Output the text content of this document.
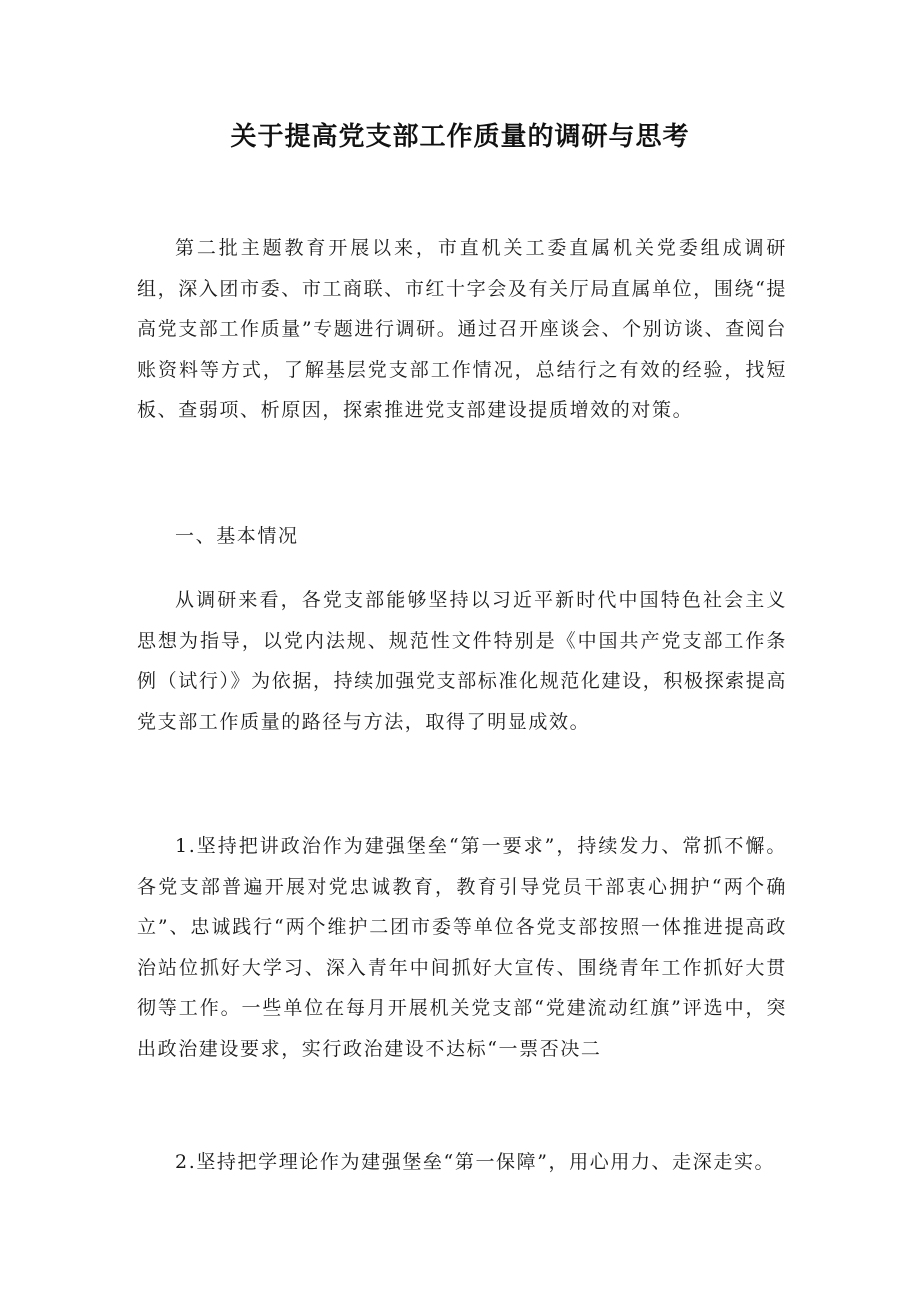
关于提高党支部工作质量的调研与思考

第二批主题教育开展以来，市直机关工委直属机关党委组成调研组，深入团市委、市工商联、市红十字会及有关厅局直属单位，围绕“提高党支部工作质量”专题进行调研。通过召开座谈会、个别访谈、查阅台账资料等方式，了解基层党支部工作情况，总结行之有效的经验，找短板、查弱项、析原因，探索推进党支部建设提质增效的对策。

一、基本情况

从调研来看，各党支部能够坚持以习近平新时代中国特色社会主义思想为指导，以党内法规、规范性文件特别是《中国共产党支部工作条例（试行）》为依据，持续加强党支部标准化规范化建设，积极探索提高党支部工作质量的路径与方法，取得了明显成效。

1.坚持把讲政治作为建强堡垒“第一要求”，持续发力、常抓不懈。各党支部普遍开展对党忠诚教育，教育引导党员干部衷心拥护“两个确立”、忠诚践行“两个维护二团市委等单位各党支部按照一体推进提高政治站位抓好大学习、深入青年中间抓好大宣传、围绕青年工作抓好大贯彻等工作。一些单位在每月开展机关党支部“党建流动红旗”评选中，突出政治建设要求，实行政治建设不达标“一票否决二

2.坚持把学理论作为建强堡垒“第一保障”，用心用力、走深走实。
